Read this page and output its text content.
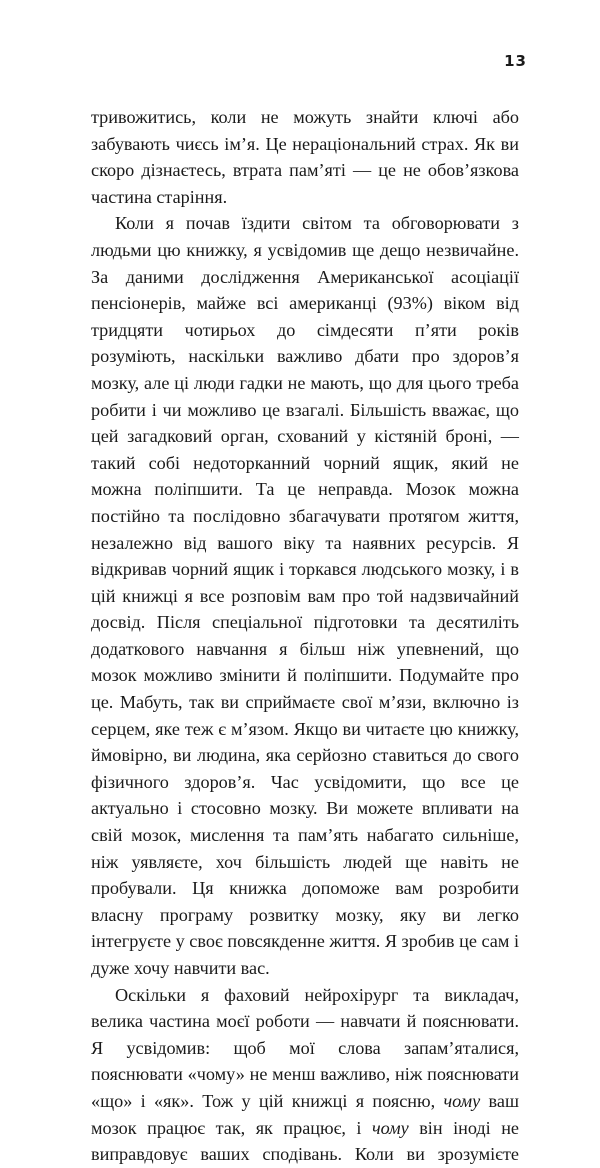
13

тривожитись, коли не можуть знайти ключі або забувають чиєсь ім’я. Це нераціональний страх. Як ви скоро дізнаєтесь, втрата пам’яті — це не обов’язкова частина старіння.

Коли я почав їздити світом та обговорювати з людьми цю книжку, я усвідомив ще дещо незвичайне. За даними дослідження Американської асоціації пенсіонерів, майже всі американці (93%) віком від тридцяти чотирьох до сімдесяти п’яти років розуміють, наскільки важливо дбати про здоров’я мозку, але ці люди гадки не мають, що для цього треба робити і чи можливо це взагалі. Більшість вважає, що цей загадковий орган, схований у кістяній броні, — такий собі недоторканний чорний ящик, який не можна поліпшити. Та це неправда. Мозок можна постійно та послідовно збагачувати протягом життя, незалежно від вашого віку та наявних ресурсів. Я відкривав чорний ящик і торкався людського мозку, і в цій книжці я все розповім вам про той надзвичайний досвід. Після спеціальної підготовки та десятиліть додаткового навчання я більш ніж упевнений, що мозок можливо змінити й поліпшити. Подумайте про це. Мабуть, так ви сприймаєте свої м’язи, включно із серцем, яке теж є м’язом. Якщо ви читаєте цю книжку, ймовірно, ви людина, яка серйозно ставиться до свого фізичного здоров’я. Час усвідомити, що все це актуально і стосовно мозку. Ви можете впливати на свій мозок, мислення та пам’ять набагато сильніше, ніж уявляєте, хоч більшість людей ще навіть не пробували. Ця книжка допоможе вам розробити власну програму розвитку мозку, яку ви легко інтегруєте у своє повсякденне життя. Я зробив це сам і дуже хочу навчити вас.

Оскільки я фаховий нейрохірург та викладач, велика частина моєї роботи — навчати й пояснювати. Я усвідомив: щоб мої слова запам’яталися, пояснювати «чому» не менш важливо, ніж пояснювати «що» і «як». Тож у цій книжці я поясню, чому ваш мозок працює так, як працює, і чому він іноді не виправдовує ваших сподівань. Коли ви зрозумієте
